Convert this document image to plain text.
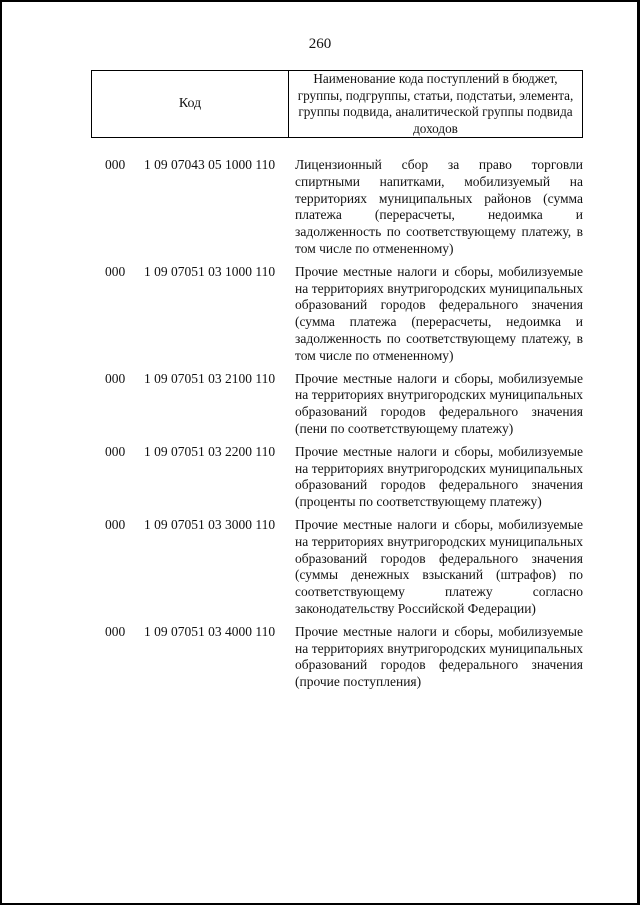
260
Код
Наименование кода поступлений в бюджет, группы, подгруппы, статьи, подстатьи, элемента, группы подвида, аналитической группы подвида доходов
000 1 09 07043 05 1000 110 Лицензионный сбор за право торговли спиртными напитками, мобилизуемый на территориях муниципальных районов (сумма платежа (перерасчеты, недоимка и задолженность по соответствующему платежу, в том числе по отмененному)
000 1 09 07051 03 1000 110 Прочие местные налоги и сборы, мобилизуемые на территориях внутригородских муниципальных образований городов федерального значения (сумма платежа (перерасчеты, недоимка и задолженность по соответствующему платежу, в том числе по отмененному)
000 1 09 07051 03 2100 110 Прочие местные налоги и сборы, мобилизуемые на территориях внутригородских муниципальных образований городов федерального значения (пени по соответствующему платежу)
000 1 09 07051 03 2200 110 Прочие местные налоги и сборы, мобилизуемые на территориях внутригородских муниципальных образований городов федерального значения (проценты по соответствующему платежу)
000 1 09 07051 03 3000 110 Прочие местные налоги и сборы, мобилизуемые на территориях внутригородских муниципальных образований городов федерального значения (суммы денежных взысканий (штрафов) по соответствующему платежу согласно законодательству Российской Федерации)
000 1 09 07051 03 4000 110 Прочие местные налоги и сборы, мобилизуемые на территориях внутригородских муниципальных образований городов федерального значения (прочие поступления)
